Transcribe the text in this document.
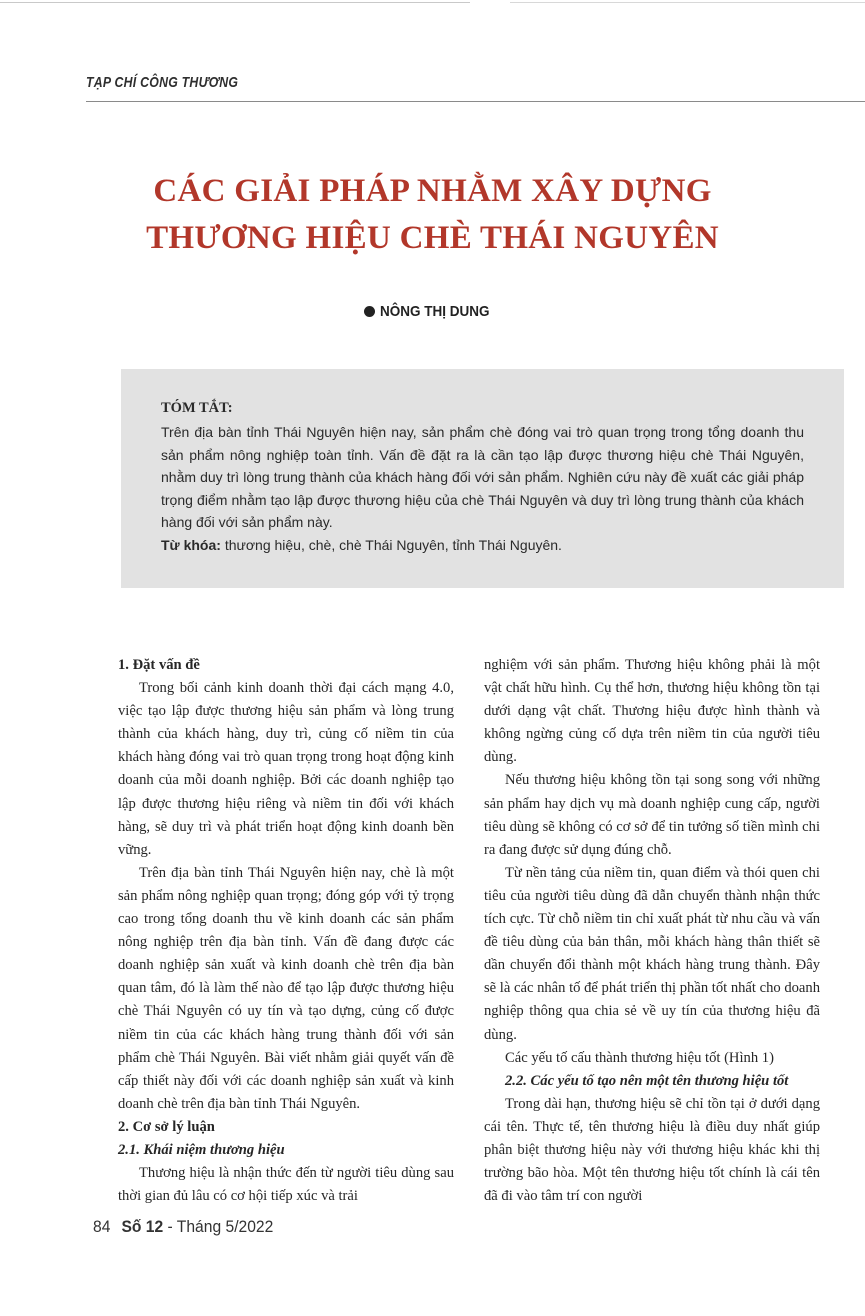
TẠP CHÍ CÔNG THƯƠNG
CÁC GIẢI PHÁP NHẰM XÂY DỰNG
THƯƠNG HIỆU CHÈ THÁI NGUYÊN
NÔNG THỊ DUNG
TÓM TẮT:

Trên địa bàn tỉnh Thái Nguyên hiện nay, sản phẩm chè đóng vai trò quan trọng trong tổng doanh thu sản phẩm nông nghiệp toàn tỉnh. Vấn đề đặt ra là cần tạo lập được thương hiệu chè Thái Nguyên, nhằm duy trì lòng trung thành của khách hàng đối với sản phẩm. Nghiên cứu này đề xuất các giải pháp trọng điểm nhằm tạo lập được thương hiệu của chè Thái Nguyên và duy trì lòng trung thành của khách hàng đối với sản phẩm này.

Từ khóa: thương hiệu, chè, chè Thái Nguyên, tỉnh Thái Nguyên.

1. Đặt vấn đề

Trong bối cảnh kinh doanh thời đại cách mạng 4.0, việc tạo lập được thương hiệu sản phẩm và lòng trung thành của khách hàng, duy trì, củng cố niềm tin của khách hàng đóng vai trò quan trọng trong hoạt động kinh doanh của mỗi doanh nghiệp. Bởi các doanh nghiệp tạo lập được thương hiệu riêng và niềm tin đối với khách hàng, sẽ duy trì và phát triển hoạt động kinh doanh bền vững.

Trên địa bàn tỉnh Thái Nguyên hiện nay, chè là một sản phẩm nông nghiệp quan trọng; đóng góp với tỷ trọng cao trong tổng doanh thu về kinh doanh các sản phẩm nông nghiệp trên địa bàn tỉnh. Vấn đề đang được các doanh nghiệp sản xuất và kinh doanh chè trên địa bàn quan tâm, đó là làm thế nào để tạo lập được thương hiệu chè Thái Nguyên có uy tín và tạo dựng, củng cố được niềm tin của các khách hàng trung thành đối với sản phẩm chè Thái Nguyên. Bài viết nhằm giải quyết vấn đề cấp thiết này đối với các doanh nghiệp sản xuất và kinh doanh chè trên địa bàn tỉnh Thái Nguyên.

2. Cơ sở lý luận

2.1. Khái niệm thương hiệu

Thương hiệu là nhận thức đến từ người tiêu dùng sau thời gian đủ lâu có cơ hội tiếp xúc và trải

nghiệm với sản phẩm. Thương hiệu không phải là một vật chất hữu hình. Cụ thể hơn, thương hiệu không tồn tại dưới dạng vật chất. Thương hiệu được hình thành và không ngừng củng cố dựa trên niềm tin của người tiêu dùng.

Nếu thương hiệu không tồn tại song song với những sản phẩm hay dịch vụ mà doanh nghiệp cung cấp, người tiêu dùng sẽ không có cơ sở để tin tưởng số tiền mình chi ra đang được sử dụng đúng chỗ.

Từ nền tảng của niềm tin, quan điểm và thói quen chi tiêu của người tiêu dùng đã dẫn chuyển thành nhận thức tích cực. Từ chỗ niềm tin chỉ xuất phát từ nhu cầu và vấn đề tiêu dùng của bản thân, mỗi khách hàng thân thiết sẽ dần chuyển đổi thành một khách hàng trung thành. Đây sẽ là các nhân tố để phát triển thị phần tốt nhất cho doanh nghiệp thông qua chia sẻ về uy tín của thương hiệu đã dùng.

Các yếu tố cấu thành thương hiệu tốt (Hình 1)

2.2. Các yếu tố tạo nên một tên thương hiệu tốt

Trong dài hạn, thương hiệu sẽ chỉ tồn tại ở dưới dạng cái tên. Thực tế, tên thương hiệu là điều duy nhất giúp phân biệt thương hiệu này với thương hiệu khác khi thị trường bão hòa. Một tên thương hiệu tốt chính là cái tên đã đi vào tâm trí con người

84 Số 12 - Tháng 5/2022
